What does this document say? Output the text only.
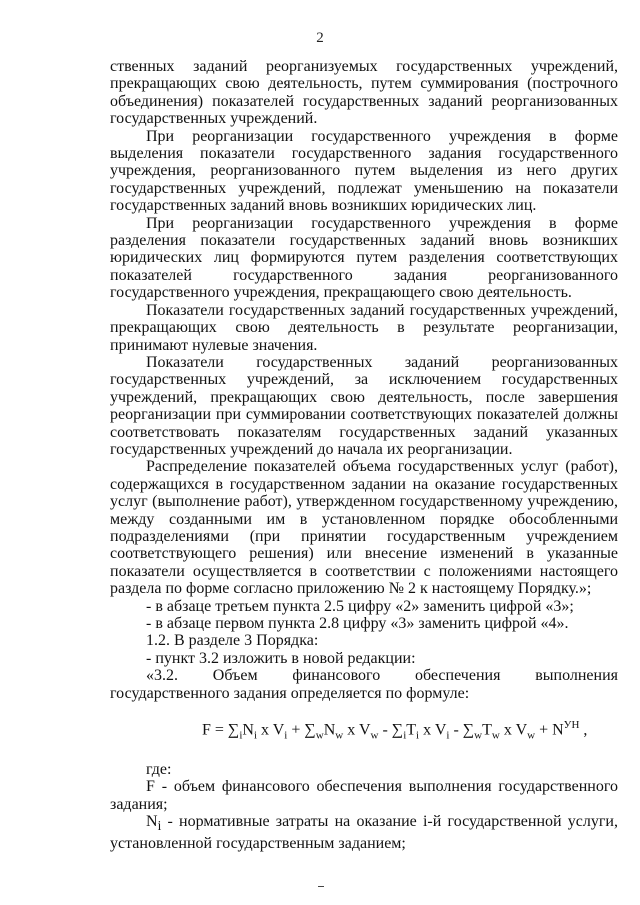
2

ственных заданий реорганизуемых государственных учреждений, прекращающих свою деятельность, путем суммирования (построчного объединения) показателей государственных заданий реорганизованных государственных учреждений.

При реорганизации государственного учреждения в форме выделения показатели государственного задания государственного учреждения, реорганизованного путем выделения из него других государственных учреждений, подлежат уменьшению на показатели государственных заданий вновь возникших юридических лиц.

При реорганизации государственного учреждения в форме разделения показатели государственных заданий вновь возникших юридических лиц формируются путем разделения соответствующих показателей государственного задания реорганизованного государственного учреждения, прекращающего свою деятельность.

Показатели государственных заданий государственных учреждений, прекращающих свою деятельность в результате реорганизации, принимают нулевые значения.

Показатели государственных заданий реорганизованных государственных учреждений, за исключением государственных учреждений, прекращающих свою деятельность, после завершения реорганизации при суммировании соответствующих показателей должны соответствовать показателям государственных заданий указанных государственных учреждений до начала их реорганизации.

Распределение показателей объема государственных услуг (работ), содержащихся в государственном задании на оказание государственных услуг (выполнение работ), утвержденном государственному учреждению, между созданными им в установленном порядке обособленными подразделениями (при принятии государственным учреждением соответствующего решения) или внесение изменений в указанные показатели осуществляется в соответствии с положениями настоящего раздела по форме согласно приложению № 2 к настоящему Порядку.»;

- в абзаце третьем пункта 2.5 цифру «2» заменить цифрой «3»;

- в абзаце первом пункта 2.8 цифру «3» заменить цифрой «4».

1.2. В разделе 3 Порядка:

- пункт 3.2 изложить в новой редакции:

«3.2. Объем финансового обеспечения выполнения государственного задания определяется по формуле:

$F = \sum_iN_i$ x $V_i + \sum_wN_w$ x $V_w - \sum_iT_i$ x $V_i - \sum_wT_w$ x $V_w + N^{УН}$ ,

где:

F - объем финансового обеспечения выполнения государственного задания;

$N_i$ - нормативные затраты на оказание i-й государственной услуги, установленной государственным заданием;
